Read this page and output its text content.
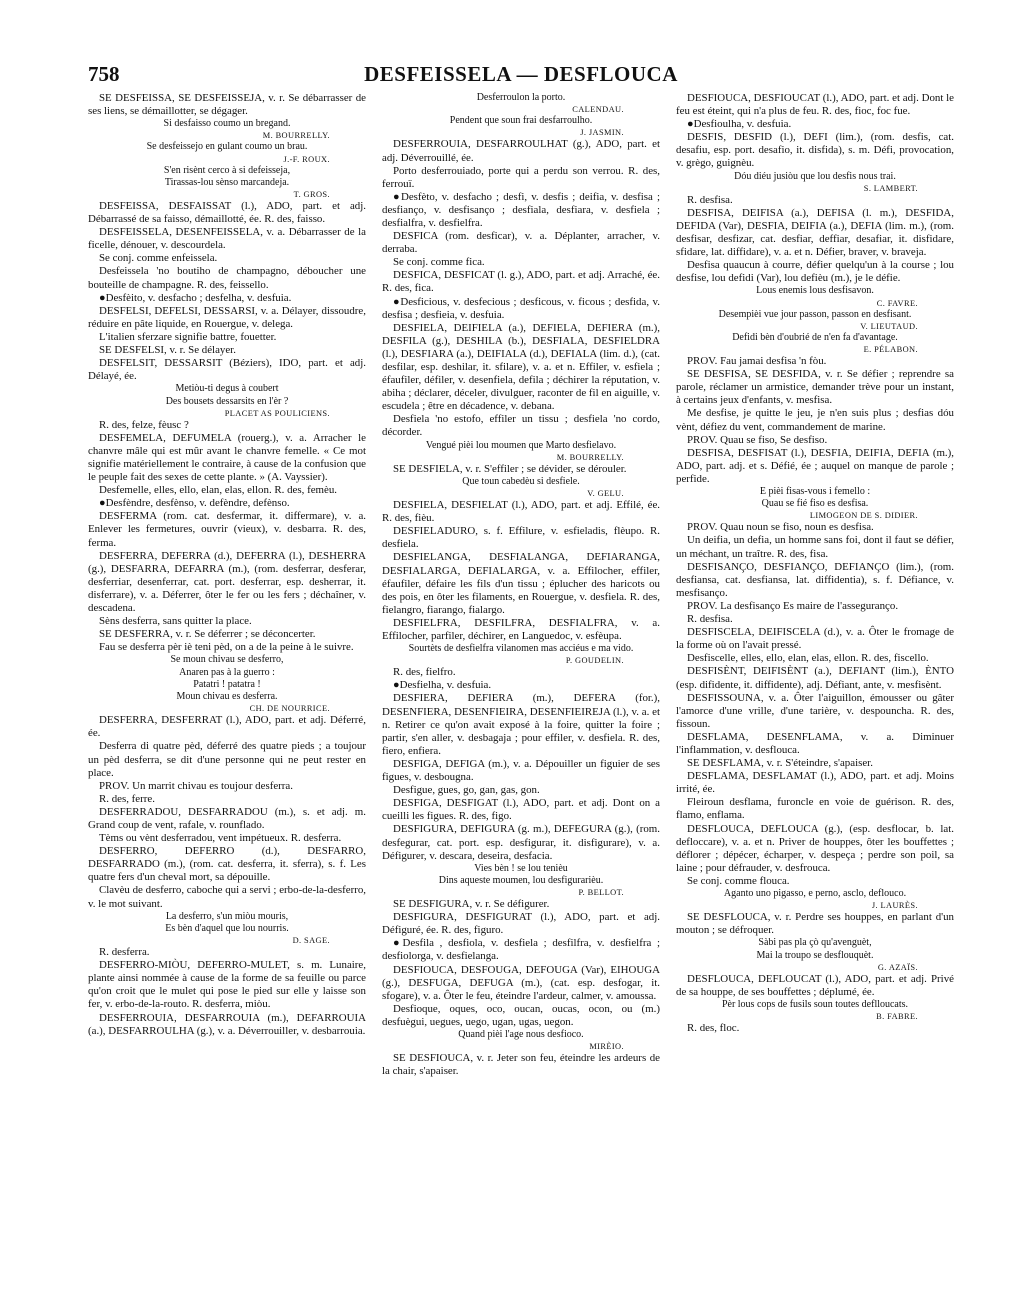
758	DESFEISSELA — DESFLOUCA

SE DESFEISSA, SE DESFEISSEJA, v. r. Se débarrasser de ses liens, se démaillotter, se dégager.

Si desfaisso coumo un bregand.

M. BOURRELLY.

Se desfeissejo en gulant coumo un brau.

J.-F. ROUX.

S'en risènt cerco à si defeisseja,
Tirassas-lou sènso marcandeja.

T. GROS.

DESFEISSA, DESFAISSAT (l.), ADO, part. et adj. Débarrassé de sa faisso, démaillotté, ée. R. des, faisso.

DESFEISSELA, DESENFEISSELA, v. a. Débarrasser de la ficelle, dénouer, v. descourdela.

Se conj. comme enfeissela.

Desfeissela 'no boutiho de champagno, déboucher une bouteille de champagne. R. des, feissello.

●Desfèito, v. desfacho ; desfelha, v. desfuia.

DESFELSI, DEFELSI, DESSARSI, v. a. Délayer, dissoudre, réduire en pâte liquide, en Rouergue, v. delega.

L'italien sferzare signifie battre, fouetter.

SE DESFELSI, v. r. Se délayer.

DESFELSIT, DESSARSIT (Béziers), IDO, part. et adj. Délayé, ée.

Metiòu-ti degus à coubert
Des bousets dessarsits en l'èr ?

PLACET AS POULICIENS.

R. des, felze, fèusc ?

DESFEMELA, DEFUMELA (rouerg.), v. a. Arracher le chanvre mâle qui est mûr avant le chanvre femelle. « Ce mot signifie matériellement le contraire, à cause de la confusion que le peuple fait des sexes de cette plante. » (A. Vayssier).

Desfemelle, elles, ello, elan, elas, ellon. R. des, femèu.

●Desfèndre, desfènso, v. defèndre, defènso.

DESFERMA (rom. cat. desfermar, it. differmare), v. a. Enlever les fermetures, ouvrir (vieux), v. desbarra. R. des, ferma.

DESFERRA, DEFERRA (d.), DEFERRA (l.), DESHERRA (g.), DESFARRA, DEFARRA (m.), (rom. desferrar, desferar, desferriar, desenferrar, cat. port. desferrar, esp. desherrar, it. disferrare), v. a. Déferrer, ôter le fer ou les fers ; déchaîner, v. descadena.

Sèns desferra, sans quitter la place.

SE DESFERRA, v. r. Se déferrer ; se déconcerter.

Fau se desferra pèr iè teni pèd, on a de la peine à le suivre.

Se moun chivau se desferro,
Anaren pas à la guerro :
Patatri ! patatra !
Moun chivau es desferra.

CH. DE NOURRICE.

DESFERRA, DESFERRAT (l.), ADO, part. et adj. Déferré, ée.

Desferra di quatre pèd, déferré des quatre pieds ; a toujour un pèd desferra, se dit d'une personne qui ne peut rester en place.

PROV. Un marrit chivau es toujour desferra.

R. des, ferre.

DESFERRADOU, DESFARRADOU (m.), s. et adj. m. Grand coup de vent, rafale, v. rounflado.

Tèms ou vènt desferradou, vent impétueux. R. desferra.

DESFERRO, DEFERRO (d.), DESFARRO, DESFARRADO (m.), (rom. cat. desferra, it. sferra), s. f. Les quatre fers d'un cheval mort, sa dépouille.

Clavèu de desferro, caboche qui a servi ; erbo-de-la-desferro, v. le mot suivant.

La desferro, s'un miòu mouris,
Es bèn d'aquel que lou nourris.

D. SAGE.

R. desferra.

DESFERRO-MIÒU, DEFERRO-MULET, s. m. Lunaire, plante ainsi nommée à cause de la forme de sa feuille ou parce qu'on croit que le mulet qui pose le pied sur elle y laisse son fer, v. erbo-de-la-routo. R. desferra, miòu.

DESFERROUIA, DESFARROUIA (m.), DEFARROUIA (a.), DESFARROULHA (g.), v. a. Déverrouiller, v. desbarrouia.

Desferroulon la porto.

CALENDAU.

Pendent que soun frai desfarroulho.

J. JASMIN.

DESFERROUIA, DESFARROULHAT (g.), ADO, part. et adj. Déverrouillé, ée.

Porto desferrouiado, porte qui a perdu son verrou. R. des, ferrouï.

●Desfèto, v. desfacho ; desfi, v. desfis ; deifia, v. desfisa ; desfianço, v. desfisanço ; desfiala, desfiara, v. desfiela ; desfialfra, v. desfielfra.

DESFICA (rom. desficar), v. a. Déplanter, arracher, v. derraba.

Se conj. comme fica.

DESFICA, DESFICAT (l. g.), ADO, part. et adj. Arraché, ée. R. des, fica.

●Desficious, v. desfecious ; desficous, v. ficous ; desfida, v. desfisa ; desfieia, v. desfuia.

DESFIELA, DEIFIELA (a.), DEFIELA, DEFIERA (m.), DESFILA (g.), DESHILA (b.), DESFIALA, DESFIELDRA (l.), DESFIARA (a.), DEIFIALA (d.), DEFIALA (lim. d.), (cat. desfilar, esp. deshilar, it. sfilare), v. a. et n. Effiler, v. esfiela ; éfaufiler, défiler, v. desenfiela, defila ; déchirer la réputation, v. abiha ; déclarer, déceler, divulguer, raconter de fil en aiguille, v. escudela ; être en décadence, v. debana.

Desfiela 'no estofo, effiler un tissu ; desfiela 'no cordo, décorder.

Vengué pièi lou moumen que Marto desfielavo.

M. BOURRELLY.

SE DESFIELA, v. r. S'effiler ; se dévider, se dérouler.

Que toun cabedèu si desfiele.

V. GELU.

DESFIELA, DESFIELAT (l.), ADO, part. et adj. Effilé, ée. R. des, fièu.

DESFIELADURO, s. f. Effilure, v. esfieladis, flèupo. R. desfiela.

DESFIELANGA, DESFIALANGA, DEFIARANGA, DESFIALARGA, DEFIALARGA, v. a. Effilocher, effiler, éfaufiler, défaire les fils d'un tissu ; éplucher des haricots ou des pois, en ôter les filaments, en Rouergue, v. desfiela. R. des, fielangro, fiarango, fialargo.

DESFIELFRA, DESFILFRA, DESFIALFRA, v. a. Effilocher, parfiler, déchirer, en Languedoc, v. esfèupa.

Sourtèts de desfielfra vilanomen mas acciéus e ma vido.

P. GOUDELIN.

R. des, fielfro.

●Desfielha, v. desfuia.

DESFIERA, DEFIERA (m.), DEFERA (for.), DESENFIERA, DESENFIEIRA, DESENFIEIREJA (l.), v. a. et n. Retirer ce qu'on avait exposé à la foire, quitter la foire ; partir, s'en aller, v. desbagaja ; pour effiler, v. desfiela. R. des, fiero, enfiera.

DESFIGA, DEFIGA (m.), v. a. Dépouiller un figuier de ses figues, v. desbougna.

Desfigue, gues, go, gan, gas, gon.

DESFIGA, DESFIGAT (l.), ADO, part. et adj. Dont on a cueilli les figues. R. des, figo.

DESFIGURA, DEFIGURA (g. m.), DEFEGURA (g.), (rom. desfegurar, cat. port. esp. desfigurar, it. disfigurare), v. a. Défigurer, v. descara, deseira, desfacia.

Vies bèn ! se lou tenièu
Dins aqueste moumen, lou desfigurarièu.

P. BELLOT.

SE DESFIGURA, v. r. Se défigurer.

DESFIGURA, DESFIGURAT (l.), ADO, part. et adj. Défiguré, ée. R. des, figuro.

●Desfila , desfiola, v. desfiela ; desfilfra, v. desfielfra ; desfiolorga, v. desfielanga.

DESFIOUCA, DESFOUGA, DEFOUGA (Var), EIHOUGA (g.), DESFUGA, DEFUGA (m.), (cat. esp. desfogar, it. sfogare), v. a. Ôter le feu, éteindre l'ardeur, calmer, v. amoussa.

Desfioque, oques, oco, oucan, oucas, ocon, ou (m.) desfuègui, uegues, uego, ugan, ugas, uegon.

Quand pièi l'age nous desfioco.

MIRÈIO.

SE DESFIOUCA, v. r. Jeter son feu, éteindre les ardeurs de la chair, s'apaiser.

DESFIOUCA, DESFIOUCAT (l.), ADO, part. et adj. Dont le feu est éteint, qui n'a plus de feu. R. des, fioc, foc fue.

●Desfioulha, v. desfuia.

DESFIS, DESFID (l.), DEFI (lim.), (rom. desfis, cat. desafiu, esp. port. desafio, it. disfida), s. m. Défi, provocation, v. grègo, guignèu.

Dóu diéu jusiòu que lou desfis nous trai.

S. LAMBERT.

R. desfisa.

DESFISA, DEIFISA (a.), DEFISA (l. m.), DESFIDA, DEFIDA (Var), DESFIA, DEIFIA (a.), DEFIA (lim. m.), (rom. desfisar, desfizar, cat. desfiar, deffiar, desafiar, it. disfidare, sfidare, lat. diffidare), v. a. et n. Défier, braver, v. braveja.

Desfisa quaucun à courre, défier quelqu'un à la course ; lou desfise, lou defidi (Var), lou defièu (m.), je le défie.

Lous enemis lous desfisavon.

C. FAVRE.

Desempièi vue jour passon, passon en desfisant.

V. LIEUTAUD.

Defidi bèn d'oubrié de n'en fa d'avantage.

E. PÉLABON.

PROV. Fau jamai desfisa 'n fòu.

SE DESFISA, SE DESFIDA, v. r. Se défier ; reprendre sa parole, réclamer un armistice, demander trève pour un instant, à certains jeux d'enfants, v. mesfisa.

Me desfise, je quitte le jeu, je n'en suis plus ; desfias dóu vènt, défiez du vent, commandement de marine.

PROV. Quau se fiso, Se desfiso.

DESFISA, DESFISAT (l.), DESFIA, DEIFIA, DEFIA (m.), ADO, part. adj. et s. Défié, ée ; auquel on manque de parole ; perfide.

E pièi fisas-vous i femello :
Quau se fié fiso es desfisa.

LIMOGEON DE S. DIDIER.

PROV. Quau noun se fiso, noun es desfisa.

Un deifia, un defia, un homme sans foi, dont il faut se défier, un méchant, un traître. R. des, fisa.

DESFISANÇO, DESFIANÇO, DEFIANÇO (lim.), (rom. desfiansa, cat. desfiansa, lat. diffidentia), s. f. Défiance, v. mesfisanço.

PROV. La desfisanço Es maire de l'asseguranço.

R. desfisa.

DESFISCELA, DEIFISCELA (d.), v. a. Ôter le fromage de la forme où on l'avait pressé.

Desfiscelle, elles, ello, elan, elas, ellon. R. des, fiscello.

DESFISÈNT, DEIFISÈNT (a.), DEFIANT (lim.), ÈNTO (esp. difidente, it. diffidente), adj. Défiant, ante, v. mesfisènt.

DESFISSOUNA, v. a. Ôter l'aiguillon, émousser ou gâter l'amorce d'une vrille, d'une tarière, v. despouncha. R. des, fissoun.

DESFLAMA, DESENFLAMA, v. a. Diminuer l'inflammation, v. desflouca.

SE DESFLAMA, v. r. S'éteindre, s'apaiser.

DESFLAMA, DESFLAMAT (l.), ADO, part. et adj. Moins irrité, ée.

Fleiroun desflama, furoncle en voie de guérison. R. des, flamo, enflama.

DESFLOUCA, DEFLOUCA (g.), (esp. desflocar, b. lat. defloccare), v. a. et n. Priver de houppes, ôter les bouffettes ; déflorer ; dépécer, écharper, v. despeça ; perdre son poil, sa laine ; pour défrauder, v. desfrouca.

Se conj. comme flouca.

Aganto uno pigasso, e perno, asclo, deflouco.

J. LAURÈS.

SE DESFLOUCA, v. r. Perdre ses houppes, en parlant d'un mouton ; se défroquer.

Sàbi pas pla çò qu'avenguèt,
Mai la troupo se desflouquèt.

G. AZAÏS.

DESFLOUCA, DEFLOUCAT (l.), ADO, part. et adj. Privé de sa houppe, de ses bouffettes ; déplumé, ée.

Pèr lous cops de fusils soun toutes deflloucats.

B. FABRE.

R. des, floc.
